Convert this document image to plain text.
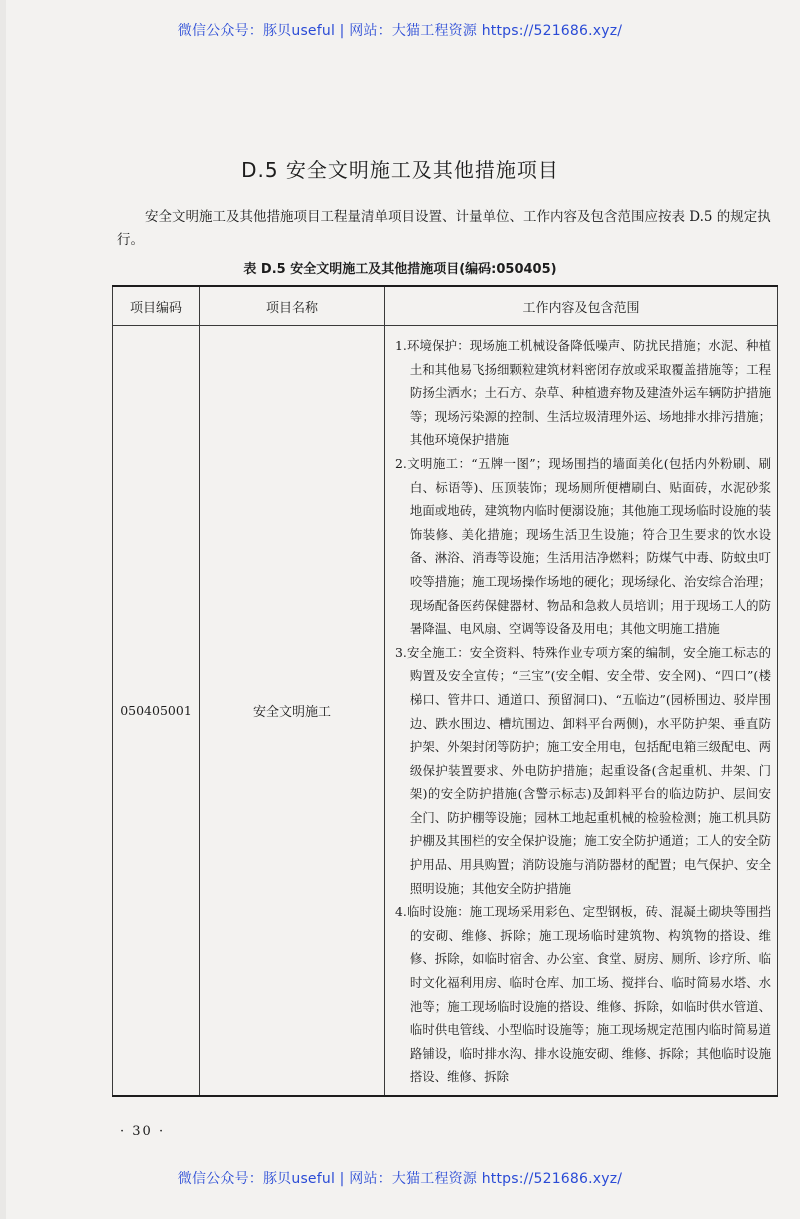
微信公众号：豚贝useful | 网站：大猫工程资源 https://521686.xyz/
D.5 安全文明施工及其他措施项目

安全文明施工及其他措施项目工程量清单项目设置、计量单位、工作内容及包含范围应按表 D.5 的规定执行。

表 D.5 安全文明施工及其他措施项目(编码:050405)
项目编码	项目名称	工作内容及包含范围
050405001	安全文明施工	1.环境保护：现场施工机械设备降低噪声、防扰民措施；水泥、种植土和其他易飞扬细颗粒建筑材料密闭存放或采取覆盖措施等；工程防扬尘洒水；土石方、杂草、种植遗弃物及建渣外运车辆防护措施等；现场污染源的控制、生活垃圾清理外运、场地排水排污措施；其他环境保护措施

2.文明施工：“五牌一图”；现场围挡的墙面美化(包括内外粉刷、刷白、标语等)、压顶装饰；现场厕所便槽刷白、贴面砖，水泥砂浆地面或地砖，建筑物内临时便溺设施；其他施工现场临时设施的装饰装修、美化措施；现场生活卫生设施；符合卫生要求的饮水设备、淋浴、消毒等设施；生活用洁净燃料；防煤气中毒、防蚊虫叮咬等措施；施工现场操作场地的硬化；现场绿化、治安综合治理；现场配备医药保健器材、物品和急救人员培训；用于现场工人的防暑降温、电风扇、空调等设备及用电；其他文明施工措施

3.安全施工：安全资料、特殊作业专项方案的编制，安全施工标志的购置及安全宣传；“三宝”(安全帽、安全带、安全网)、“四口”(楼梯口、管井口、通道口、预留洞口)、“五临边”(园桥围边、驳岸围边、跌水围边、槽坑围边、卸料平台两侧)，水平防护架、垂直防护架、外架封闭等防护；施工安全用电，包括配电箱三级配电、两级保护装置要求、外电防护措施；起重设备(含起重机、井架、门架)的安全防护措施(含警示标志)及卸料平台的临边防护、层间安全门、防护棚等设施；园林工地起重机械的检验检测；施工机具防护棚及其围栏的安全保护设施；施工安全防护通道；工人的安全防护用品、用具购置；消防设施与消防器材的配置；电气保护、安全照明设施；其他安全防护措施

4.临时设施：施工现场采用彩色、定型钢板，砖、混凝土砌块等围挡的安砌、维修、拆除；施工现场临时建筑物、构筑物的搭设、维修、拆除，如临时宿舍、办公室、食堂、厨房、厕所、诊疗所、临时文化福利用房、临时仓库、加工场、搅拌台、临时简易水塔、水池等；施工现场临时设施的搭设、维修、拆除，如临时供水管道、临时供电管线、小型临时设施等；施工现场规定范围内临时简易道路铺设，临时排水沟、排水设施安砌、维修、拆除；其他临时设施搭设、维修、拆除

· 30 ·
微信公众号：豚贝useful | 网站：大猫工程资源 https://521686.xyz/
